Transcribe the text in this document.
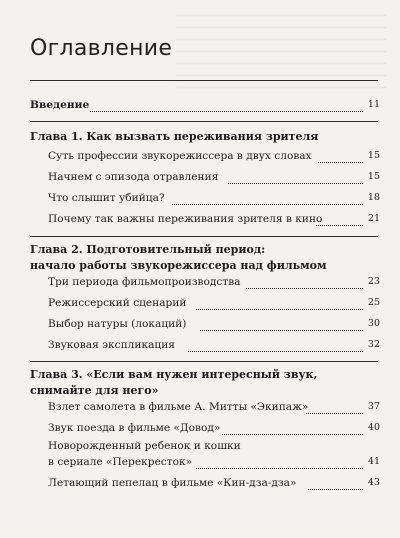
Оглавление
Введение	11
Глава 1. Как вызвать переживания зрителя
Суть профессии звукорежиссера в двух словах	15
Начнем с эпизода отравления	15
Что слышит убийца?	18
Почему так важны переживания зрителя в кино	21
Глава 2. Подготовительный период:
начало работы звукорежиссера над фильмом
Три периода фильмопроизводства	23
Режиссерский сценарий	25
Выбор натуры (локаций)	30
Звуковая экспликация	32
Глава 3. «Если вам нужен интересный звук,
снимайте для него»
Взлет самолета в фильме А. Митты «Экипаж»	37
Звук поезда в фильме «Довод»	40
Новорожденный ребенок и кошки
в сериале «Перекресток»	41
Летающий пепелац в фильме «Кин-дза-дза»	43
